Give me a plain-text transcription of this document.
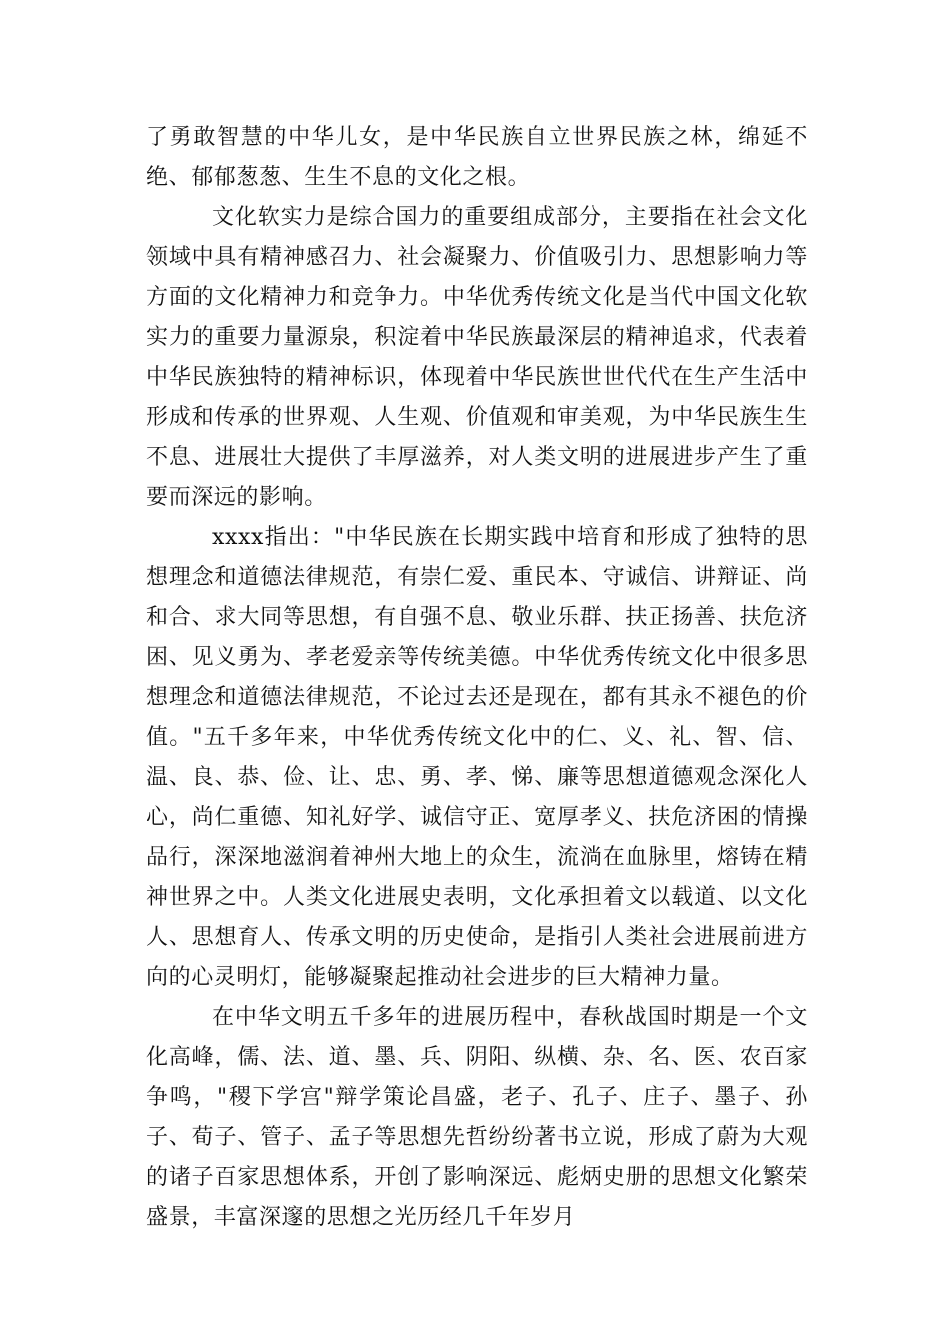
了勇敢智慧的中华儿女，是中华民族自立世界民族之林，绵延不绝、郁郁葱葱、生生不息的文化之根。

文化软实力是综合国力的重要组成部分，主要指在社会文化领域中具有精神感召力、社会凝聚力、价值吸引力、思想影响力等方面的文化精神力和竞争力。中华优秀传统文化是当代中国文化软实力的重要力量源泉，积淀着中华民族最深层的精神追求，代表着中华民族独特的精神标识，体现着中华民族世世代代在生产生活中形成和传承的世界观、人生观、价值观和审美观，为中华民族生生不息、进展壮大提供了丰厚滋养，对人类文明的进展进步产生了重要而深远的影响。

xxxx指出："中华民族在长期实践中培育和形成了独特的思想理念和道德法律规范，有崇仁爱、重民本、守诚信、讲辩证、尚和合、求大同等思想，有自强不息、敬业乐群、扶正扬善、扶危济困、见义勇为、孝老爱亲等传统美德。中华优秀传统文化中很多思想理念和道德法律规范，不论过去还是现在，都有其永不褪色的价值。"五千多年来，中华优秀传统文化中的仁、义、礼、智、信、温、良、恭、俭、让、忠、勇、孝、悌、廉等思想道德观念深化人心，尚仁重德、知礼好学、诚信守正、宽厚孝义、扶危济困的情操品行，深深地滋润着神州大地上的众生，流淌在血脉里，熔铸在精神世界之中。人类文化进展史表明，文化承担着文以载道、以文化人、思想育人、传承文明的历史使命，是指引人类社会进展前进方向的心灵明灯，能够凝聚起推动社会进步的巨大精神力量。

在中华文明五千多年的进展历程中，春秋战国时期是一个文化高峰，儒、法、道、墨、兵、阴阳、纵横、杂、名、医、农百家争鸣，"稷下学宫"辩学策论昌盛，老子、孔子、庄子、墨子、孙子、荀子、管子、孟子等思想先哲纷纷著书立说，形成了蔚为大观的诸子百家思想体系，开创了影响深远、彪炳史册的思想文化繁荣盛景，丰富深邃的思想之光历经几千年岁月
